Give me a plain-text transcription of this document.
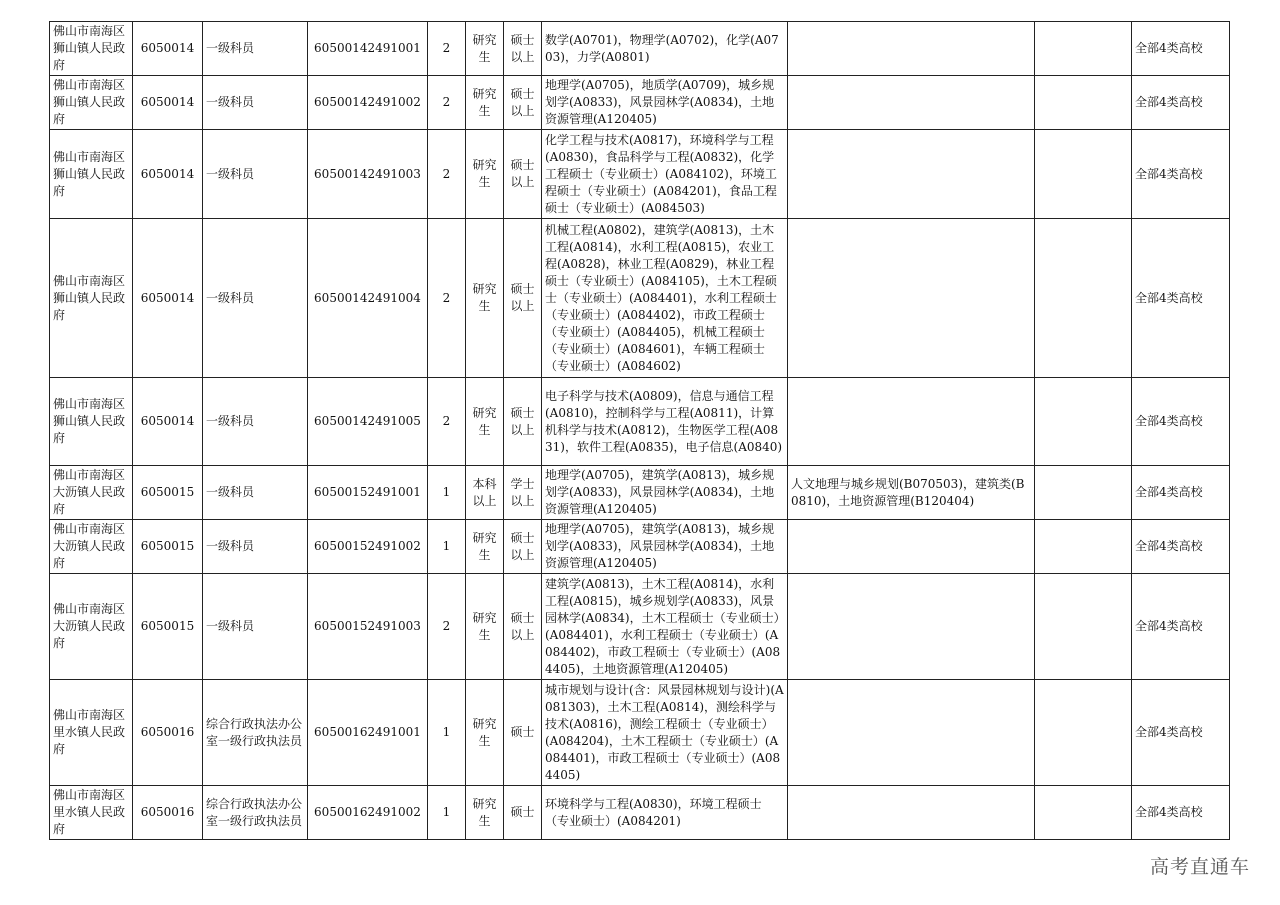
佛山市南海区狮山镇人民政府	6050014	一级科员	60500142491001	2	研究生	硕士以上	数学(A0701)，物理学(A0702)，化学(A0703)，力学(A0801)			全部4类高校
佛山市南海区狮山镇人民政府	6050014	一级科员	60500142491002	2	研究生	硕士以上	地理学(A0705)，地质学(A0709)，城乡规划学(A0833)，风景园林学(A0834)，土地资源管理(A120405)			全部4类高校
佛山市南海区狮山镇人民政府	6050014	一级科员	60500142491003	2	研究生	硕士以上	化学工程与技术(A0817)，环境科学与工程(A0830)，食品科学与工程(A0832)，化学工程硕士（专业硕士）(A084102)，环境工程硕士（专业硕士）(A084201)，食品工程硕士（专业硕士）(A084503)			全部4类高校
佛山市南海区狮山镇人民政府	6050014	一级科员	60500142491004	2	研究生	硕士以上	机械工程(A0802)，建筑学(A0813)，土木工程(A0814)，水利工程(A0815)，农业工程(A0828)，林业工程(A0829)，林业工程硕士（专业硕士）(A084105)，土木工程硕士（专业硕士）(A084401)，水利工程硕士（专业硕士）(A084402)，市政工程硕士（专业硕士）(A084405)，机械工程硕士（专业硕士）(A084601)，车辆工程硕士（专业硕士）(A084602)			全部4类高校
佛山市南海区狮山镇人民政府	6050014	一级科员	60500142491005	2	研究生	硕士以上	电子科学与技术(A0809)，信息与通信工程(A0810)，控制科学与工程(A0811)，计算机科学与技术(A0812)，生物医学工程(A0831)，软件工程(A0835)，电子信息(A0840)			全部4类高校
佛山市南海区大沥镇人民政府	6050015	一级科员	60500152491001	1	本科以上	学士以上	地理学(A0705)，建筑学(A0813)，城乡规划学(A0833)，风景园林学(A0834)，土地资源管理(A120405)	人文地理与城乡规划(B070503)，建筑类(B0810)，土地资源管理(B120404)		全部4类高校
佛山市南海区大沥镇人民政府	6050015	一级科员	60500152491002	1	研究生	硕士以上	地理学(A0705)，建筑学(A0813)，城乡规划学(A0833)，风景园林学(A0834)，土地资源管理(A120405)			全部4类高校
佛山市南海区大沥镇人民政府	6050015	一级科员	60500152491003	2	研究生	硕士以上	建筑学(A0813)，土木工程(A0814)，水利工程(A0815)，城乡规划学(A0833)，风景园林学(A0834)，土木工程硕士（专业硕士）(A084401)，水利工程硕士（专业硕士）(A084402)，市政工程硕士（专业硕士）(A084405)，土地资源管理(A120405)			全部4类高校
佛山市南海区里水镇人民政府	6050016	综合行政执法办公室一级行政执法员	60500162491001	1	研究生	硕士	城市规划与设计(含：风景园林规划与设计)(A081303)，土木工程(A0814)，测绘科学与技术(A0816)，测绘工程硕士（专业硕士）(A084204)，土木工程硕士（专业硕士）(A084401)，市政工程硕士（专业硕士）(A084405)			全部4类高校
佛山市南海区里水镇人民政府	6050016	综合行政执法办公室一级行政执法员	60500162491002	1	研究生	硕士	环境科学与工程(A0830)，环境工程硕士（专业硕士）(A084201)			全部4类高校
高考直通车
